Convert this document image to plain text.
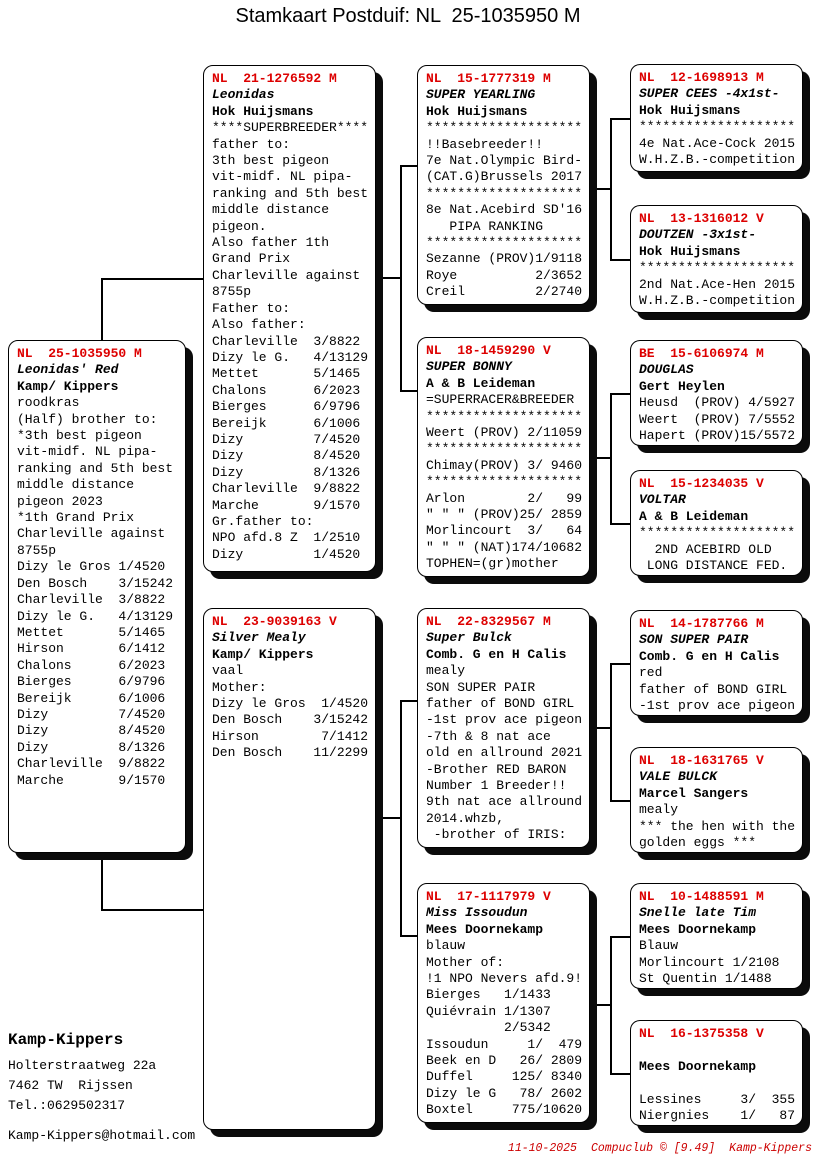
Stamkaart Postduif: NL  25-1035950 M
NL  25-1035950 M
Leonidas' Red
Kamp/ Kippers
roodkras
(Half) brother to:
*3th best pigeon
vit-midf. NL pipa-
ranking and 5th best
middle distance
pigeon 2023
*1th Grand Prix
Charleville against
8755p
Dizy le Gros 1/4520
Den Bosch    3/15242
Charleville  3/8822
Dizy le G.   4/13129
Mettet       5/1465
Hirson       6/1412
Chalons      6/2023
Bierges      6/9796
Bereijk      6/1006
Dizy         7/4520
Dizy         8/4520
Dizy         8/1326
Charleville  9/8822
Marche       9/1570
NL  21-1276592 M
Leonidas
Hok Huijsmans
****SUPERBREEDER****
father to:
3th best pigeon
vit-midf. NL pipa-
ranking and 5th best
middle distance
pigeon.
Also father 1th
Grand Prix
Charleville against
8755p
Father to:
Also father:
Charleville  3/8822
Dizy le G.   4/13129
Mettet       5/1465
Chalons      6/2023
Bierges      6/9796
Bereijk      6/1006
Dizy         7/4520
Dizy         8/4520
Dizy         8/1326
Charleville  9/8822
Marche       9/1570
Gr.father to:
NPO afd.8 Z  1/2510
Dizy         1/4520
NL  23-9039163 V
Silver Mealy
Kamp/ Kippers
vaal
Mother:
Dizy le Gros  1/4520
Den Bosch    3/15242
Hirson        7/1412
Den Bosch    11/2299
NL  15-1777319 M
SUPER YEARLING
Hok Huijsmans
********************
!!Basebreeder!!
7e Nat.Olympic Bird-
(CAT.G)Brussels 2017
********************
8e Nat.Acebird SD'16
PIPA RANKING
********************
Sezanne (PROV)1/9118
Roye          2/3652
Creil         2/2740
NL  18-1459290 V
SUPER BONNY
A & B Leideman
=SUPERRACER&BREEDER
********************
Weert (PROV) 2/11059
********************
Chimay(PROV) 3/ 9460
********************
Arlon        2/   99
" " " (PROV)25/ 2859
Morlincourt  3/   64
" " " (NAT)174/10682
TOPHEN=(gr)mother
NL  22-8329567 M
Super Bulck
Comb. G en H Calis
mealy
SON SUPER PAIR
father of BOND GIRL
-1st prov ace pigeon
-7th & 8 nat ace
old en allround 2021
-Brother RED BARON
Number 1 Breeder!!
9th nat ace allround
2014.whzb,
-brother of IRIS:
NL  17-1117979 V
Miss Issoudun
Mees Doornekamp
blauw
Mother of:
!1 NPO Nevers afd.9!
Bierges   1/1433
Quiévrain 1/1307
2/5342
Issoudun     1/  479
Beek en D   26/ 2809
Duffel     125/ 8340
Dizy le G   78/ 2602
Boxtel     775/10620
NL  12-1698913 M
SUPER CEES -4x1st-
Hok Huijsmans
********************
4e Nat.Ace-Cock 2015
W.H.Z.B.-competition
NL  13-1316012 V
DOUTZEN -3x1st-
Hok Huijsmans
********************
2nd Nat.Ace-Hen 2015
W.H.Z.B.-competition
BE  15-6106974 M
DOUGLAS
Gert Heylen
Heusd  (PROV) 4/5927
Weert  (PROV) 7/5552
Hapert (PROV)15/5572
NL  15-1234035 V
VOLTAR
A & B Leideman
********************
2ND ACEBIRD OLD
LONG DISTANCE FED.
NL  14-1787766 M
SON SUPER PAIR
Comb. G en H Calis
red
father of BOND GIRL
-1st prov ace pigeon
NL  18-1631765 V
VALE BULCK
Marcel Sangers
mealy
*** the hen with the
golden eggs ***
NL  10-1488591 M
Snelle late Tim
Mees Doornekamp
Blauw
Morlincourt 1/2108
St Quentin 1/1488
NL  16-1375358 V

Mees Doornekamp

Lessines     3/  355
Niergnies    1/   87
Kamp-Kippers
Holterstraatweg 22a
7462 TW  Rijssen
Tel.:0629502317
Kamp-Kippers@hotmail.com
11-10-2025 Compuclub © [9.49] Kamp-Kippers
